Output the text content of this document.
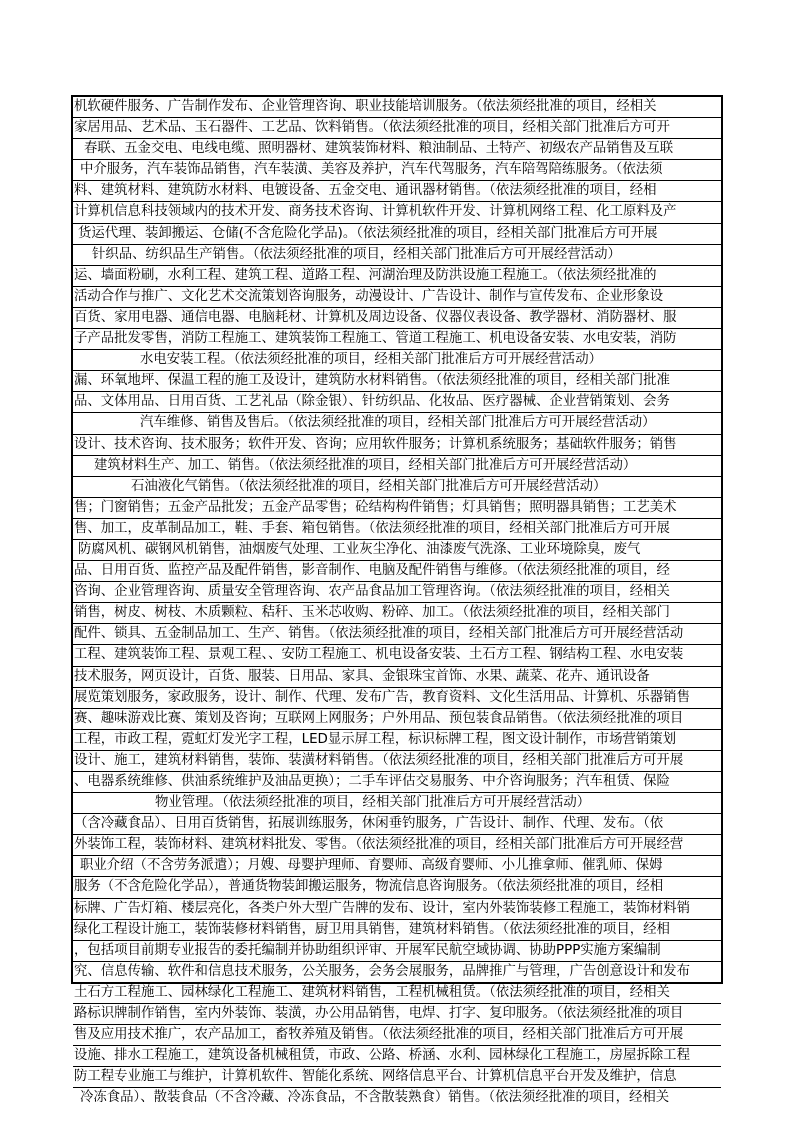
机软硬件服务、广告制作发布、企业管理咨询、职业技能培训服务。（依法须经批准的项目，经相关
家居用品、艺术品、玉石器件、工艺品、饮料销售。（依法须经批准的项目，经相关部门批准后方可开
春联、五金交电、电线电缆、照明器材、建筑装饰材料、粮油制品、土特产、初级农产品销售及互联
中介服务，汽车装饰品销售，汽车装潢、美容及养护，汽车代驾服务，汽车陪驾陪练服务。（依法须
料、建筑材料、建筑防水材料、电镀设备、五金交电、通讯器材销售。（依法须经批准的项目，经相
计算机信息科技领域内的技术开发、商务技术咨询、计算机软件开发、计算机网络工程、化工原料及产
货运代理、装卸搬运、仓储(不含危险化学品)。（依法须经批准的项目，经相关部门批准后方可开展
针织品、纺织品生产销售。（依法须经批准的项目，经相关部门批准后方可开展经营活动）
运、墙面粉刷，水利工程、建筑工程、道路工程、河湖治理及防洪设施工程施工。（依法须经批准的
活动合作与推广、文化艺术交流策划咨询服务，动漫设计、广告设计、制作与宣传发布、企业形象设
百货、家用电器、通信电器、电脑耗材、计算机及周边设备、仪器仪表设备、教学器材、消防器材、服
子产品批发零售，消防工程施工、建筑装饰工程施工、管道工程施工、机电设备安装、水电安装，消防
水电安装工程。（依法须经批准的项目，经相关部门批准后方可开展经营活动）
漏、环氧地坪、保温工程的施工及设计，建筑防水材料销售。（依法须经批准的项目，经相关部门批准
品、文体用品、日用百货、工艺礼品（除金银）、针纺织品、化妆品、医疗器械、企业营销策划、会务
汽车维修、销售及售后。（依法须经批准的项目，经相关部门批准后方可开展经营活动）
设计、技术咨询、技术服务；软件开发、咨询；应用软件服务；计算机系统服务；基础软件服务；销售
建筑材料生产、加工、销售。（依法须经批准的项目，经相关部门批准后方可开展经营活动）
石油液化气销售。（依法须经批准的项目，经相关部门批准后方可开展经营活动）
售；门窗销售；五金产品批发；五金产品零售；砼结构构件销售；灯具销售；照明器具销售；工艺美术
售、加工，皮革制品加工，鞋、手套、箱包销售。（依法须经批准的项目，经相关部门批准后方可开展
防腐风机、碳钢风机销售，油烟废气处理、工业灰尘净化、油漆废气洗涤、工业环境除臭，废气
品、日用百货、监控产品及配件销售，影音制作、电脑及配件销售与维修。（依法须经批准的项目，经
咨询、企业管理咨询、质量安全管理咨询、农产品食品加工管理咨询。（依法须经批准的项目，经相关
销售，树皮、树枝、木质颗粒、秸秆、玉米芯收购、粉碎、加工。（依法须经批准的项目，经相关部门
配件、锁具、五金制品加工、生产、销售。（依法须经批准的项目，经相关部门批准后方可开展经营活动
工程、建筑装饰工程、景观工程、、安防工程施工、机电设备安装、土石方工程、钢结构工程、水电安装
技术服务，网页设计，百货、服装、日用品、家具、金银珠宝首饰、水果、蔬菜、花卉、通讯设备
展览策划服务，家政服务，设计、制作、代理、发布广告，教育资料、文化生活用品、计算机、乐器销售
赛、趣味游戏比赛、策划及咨询；互联网上网服务；户外用品、预包装食品销售。（依法须经批准的项目
工程，市政工程，霓虹灯发光字工程，LED显示屏工程，标识标牌工程，图文设计制作，市场营销策划
设计、施工，建筑材料销售，装饰、装潢材料销售。（依法须经批准的项目，经相关部门批准后方可开展
、电器系统维修、供油系统维护及油品更换）；二手车评估交易服务、中介咨询服务；汽车租赁、保险
物业管理。（依法须经批准的项目，经相关部门批准后方可开展经营活动）
（含冷藏食品）、日用百货销售，拓展训练服务，休闲垂钓服务，广告设计、制作、代理、发布。（依
外装饰工程，装饰材料、建筑材料批发、零售。（依法须经批准的项目，经相关部门批准后方可开展经营
职业介绍（不含劳务派遣）；月嫂、母婴护理师、育婴师、高级育婴师、小儿推拿师、催乳师、保姆
服务（不含危险化学品），普通货物装卸搬运服务，物流信息咨询服务。（依法须经批准的项目，经相
标牌、广告灯箱、楼层亮化，各类户外大型广告牌的发布、设计，室内外装饰装修工程施工，装饰材料销
绿化工程设计施工，装饰装修材料销售，厨卫用具销售，建筑材料销售。（依法须经批准的项目，经相
，包括项目前期专业报告的委托编制并协助组织评审、开展军民航空域协调、协助PPP实施方案编制
究、信息传输、软件和信息技术服务，公关服务，会务会展服务，品牌推广与管理，广告创意设计和发布
土石方工程施工、园林绿化工程施工、建筑材料销售，工程机械租赁。（依法须经批准的项目，经相关
路标识牌制作销售，室内外装饰、装潢，办公用品销售，电焊、打字、复印服务。（依法须经批准的项目
售及应用技术推广，农产品加工，畜牧养殖及销售。（依法须经批准的项目，经相关部门批准后方可开展
设施、排水工程施工，建筑设备机械租赁，市政、公路、桥涵、水利、园林绿化工程施工，房屋拆除工程
防工程专业施工与维护，计算机软件、智能化系统、网络信息平台、计算机信息平台开发及维护，信息
冷冻食品）、散装食品（不含冷藏、冷冻食品，不含散装熟食）销售。（依法须经批准的项目，经相关
